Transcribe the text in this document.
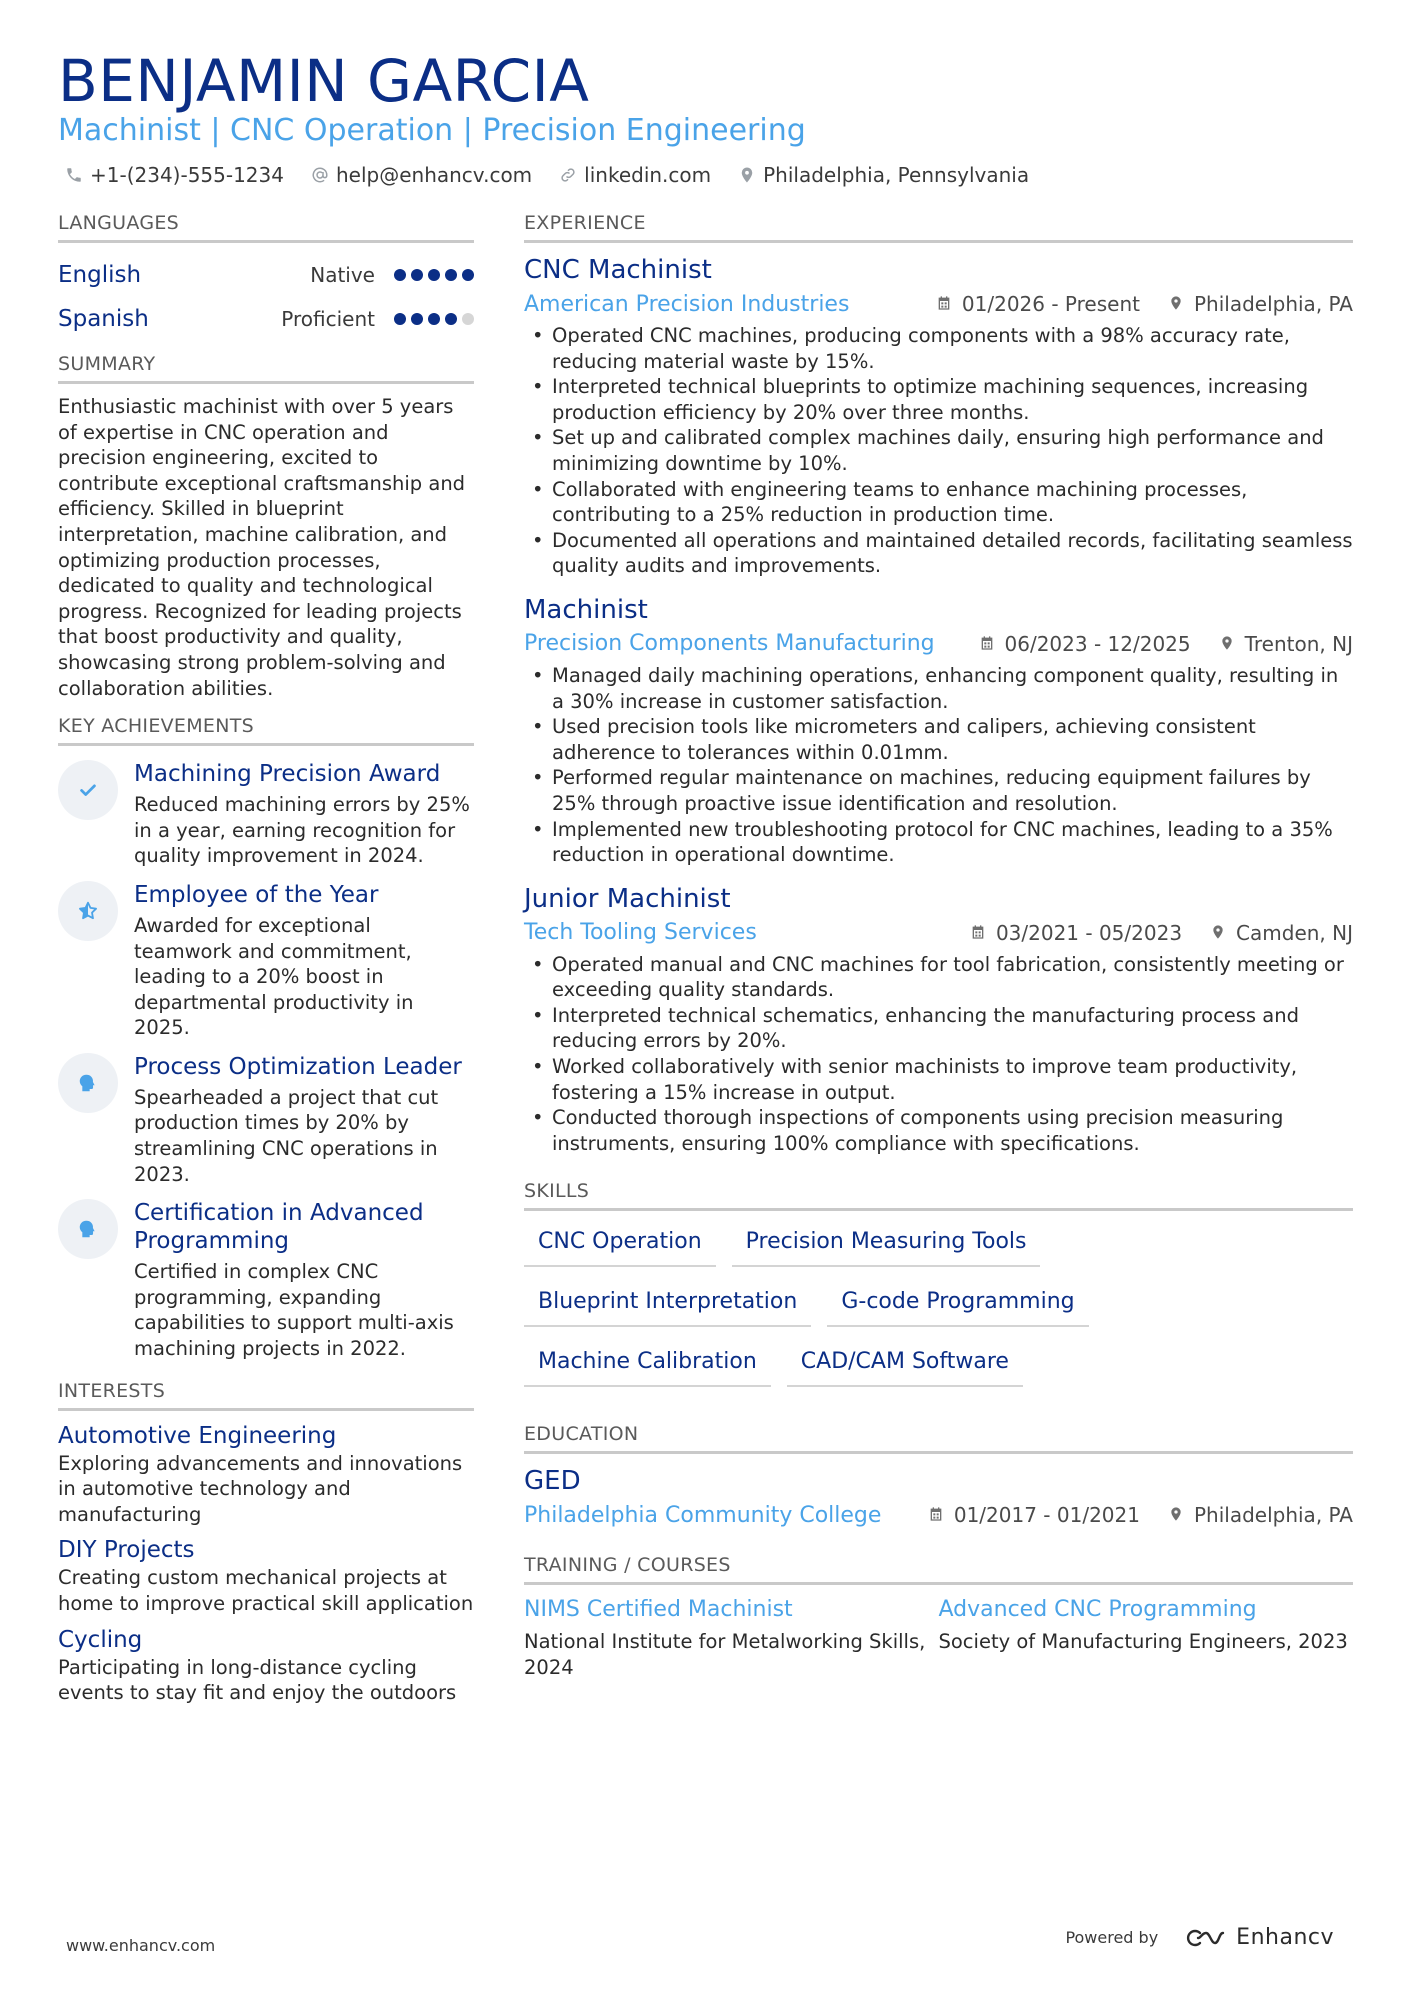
BENJAMIN GARCIA
Machinist | CNC Operation | Precision Engineering
+1-(234)-555-1234	help@enhancv.com	linkedin.com	Philadelphia, Pennsylvania
LANGUAGES
English	Native
Spanish	Proficient
SUMMARY

Enthusiastic machinist with over 5 years of expertise in CNC operation and precision engineering, excited to contribute exceptional craftsmanship and efficiency. Skilled in blueprint interpretation, machine calibration, and optimizing production processes, dedicated to quality and technological progress. Recognized for leading projects that boost productivity and quality, showcasing strong problem-solving and collaboration abilities.

KEY ACHIEVEMENTS
Machining Precision Award
Reduced machining errors by 25% in a year, earning recognition for quality improvement in 2024.
Employee of the Year
Awarded for exceptional teamwork and commitment, leading to a 20% boost in departmental productivity in 2025.
Process Optimization Leader
Spearheaded a project that cut production times by 20% by streamlining CNC operations in 2023.
Certification in Advanced Programming
Certified in complex CNC programming, expanding capabilities to support multi-axis machining projects in 2022.
INTERESTS
Automotive Engineering
Exploring advancements and innovations in automotive technology and manufacturing
DIY Projects
Creating custom mechanical projects at home to improve practical skill application
Cycling
Participating in long-distance cycling events to stay fit and enjoy the outdoors
EXPERIENCE
CNC Machinist
American Precision Industries	01/2026 - Present	Philadelphia, PA
• Operated CNC machines, producing components with a 98% accuracy rate, reducing material waste by 15%.
• Interpreted technical blueprints to optimize machining sequences, increasing production efficiency by 20% over three months.
• Set up and calibrated complex machines daily, ensuring high performance and minimizing downtime by 10%.
• Collaborated with engineering teams to enhance machining processes, contributing to a 25% reduction in production time.
• Documented all operations and maintained detailed records, facilitating seamless quality audits and improvements.
Machinist
Precision Components Manufacturing	06/2023 - 12/2025	Trenton, NJ
• Managed daily machining operations, enhancing component quality, resulting in a 30% increase in customer satisfaction.
• Used precision tools like micrometers and calipers, achieving consistent adherence to tolerances within 0.01mm.
• Performed regular maintenance on machines, reducing equipment failures by 25% through proactive issue identification and resolution.
• Implemented new troubleshooting protocol for CNC machines, leading to a 35% reduction in operational downtime.
Junior Machinist
Tech Tooling Services	03/2021 - 05/2023	Camden, NJ
• Operated manual and CNC machines for tool fabrication, consistently meeting or exceeding quality standards.
• Interpreted technical schematics, enhancing the manufacturing process and reducing errors by 20%.
• Worked collaboratively with senior machinists to improve team productivity, fostering a 15% increase in output.
• Conducted thorough inspections of components using precision measuring instruments, ensuring 100% compliance with specifications.
SKILLS
CNC Operation	Precision Measuring Tools
Blueprint Interpretation	G-code Programming
Machine Calibration	CAD/CAM Software
EDUCATION
GED
Philadelphia Community College	01/2017 - 01/2021	Philadelphia, PA
TRAINING / COURSES
NIMS Certified Machinist
National Institute for Metalworking Skills, 2024
Advanced CNC Programming
Society of Manufacturing Engineers, 2023
www.enhancv.com	Powered by	Enhancv
